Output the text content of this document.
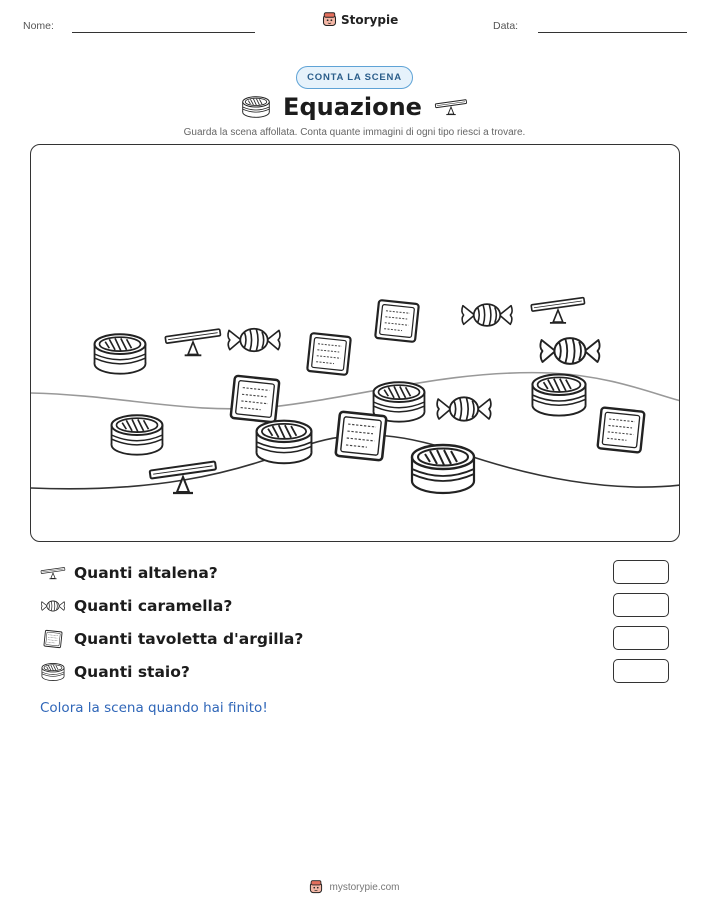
Nome:	Storypie	Data:
CONTA LA SCENA
Equazione
Guarda la scena affollata. Conta quante immagini di ogni tipo riesci a trovare.
Quanti altalena?
Quanti caramella?
Quanti tavoletta d'argilla?
Quanti staio?
Colora la scena quando hai finito!
mystorypie.com
